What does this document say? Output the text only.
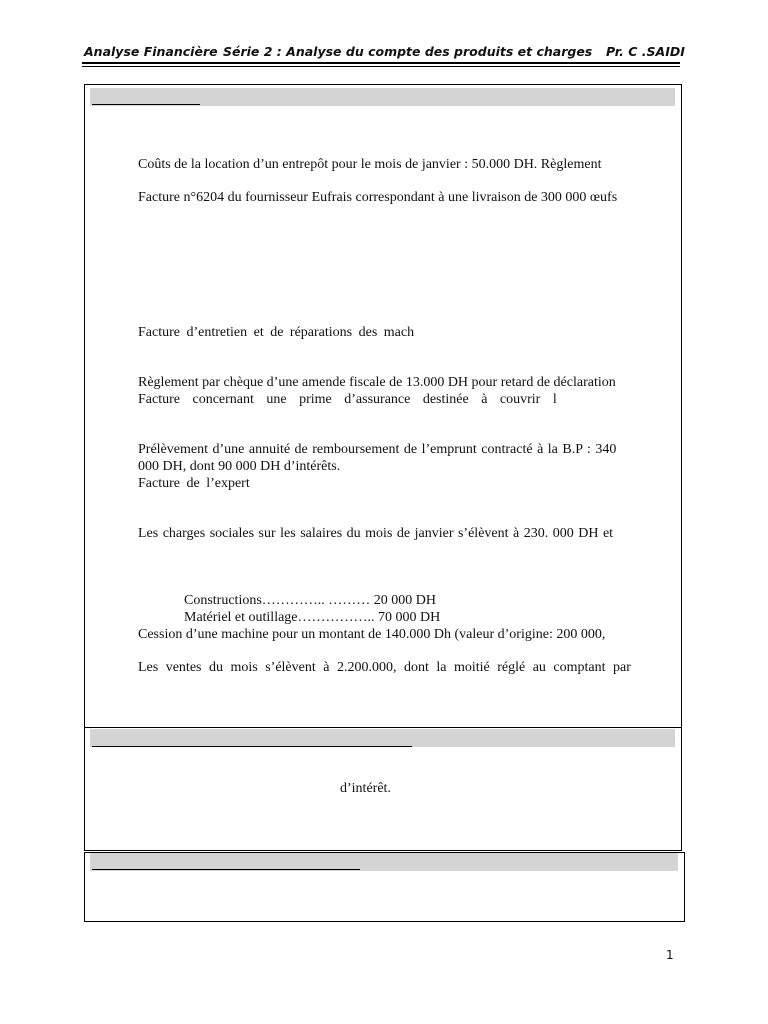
Analyse Financière Série 2 : Analyse du compte des produits et charges Pr. C .SAIDI
Coûts de la location d’un entrepôt pour le mois de janvier : 50.000 DH. Règlement
Facture n°6204 du fournisseur Eufrais correspondant à une livraison de 300 000 œufs
Facture d’entretien et de réparations des mach
Règlement par chèque d’une amende fiscale de 13.000 DH pour retard de déclaration
Facture concernant une prime d’assurance destinée à couvrir l
Prélèvement d’une annuité de remboursement de l’emprunt contracté à la B.P : 340
000 DH, dont 90 000 DH d’intérêts.
Facture de l’expert
Les charges sociales sur les salaires du mois de janvier s’élèvent à 230. 000 DH et
Constructions………….. ……… 20 000 DH
Matériel et outillage…………….. 70 000 DH
Cession d’une machine pour un montant de 140.000 Dh (valeur d’origine: 200 000,
Les ventes du mois s’élèvent à 2.200.000, dont la moitié réglé au comptant par
d’intérêt.
1
